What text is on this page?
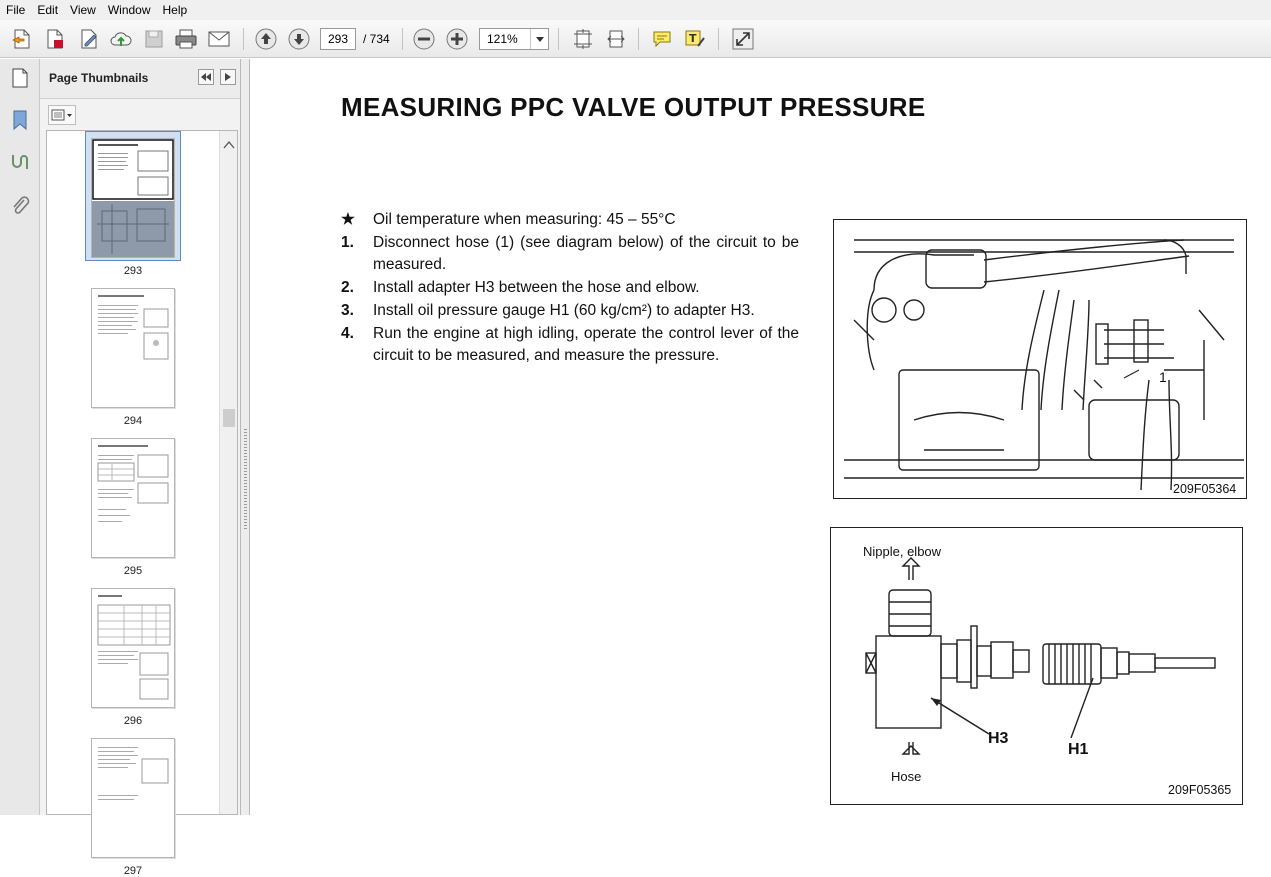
File	Edit	View	Window	Help
293	/ 734	121%	T
Page Thumbnails
293
294
295
296
297
MEASURING PPC VALVE OUTPUT PRESSURE
★	Oil temperature when measuring: 45 – 55°C
1.	Disconnect hose (1) (see diagram below) of the circuit to be measured.
2.	Install adapter H3 between the hose and elbow.
3.	Install oil pressure gauge H1 (60 kg/cm²) to adapter H3.
4.	Run the engine at high idling, operate the control lever of the circuit to be measured, and measure the pressure.
1
209F05364
Nipple, elbow
Hose
H3
H1
209F05365
